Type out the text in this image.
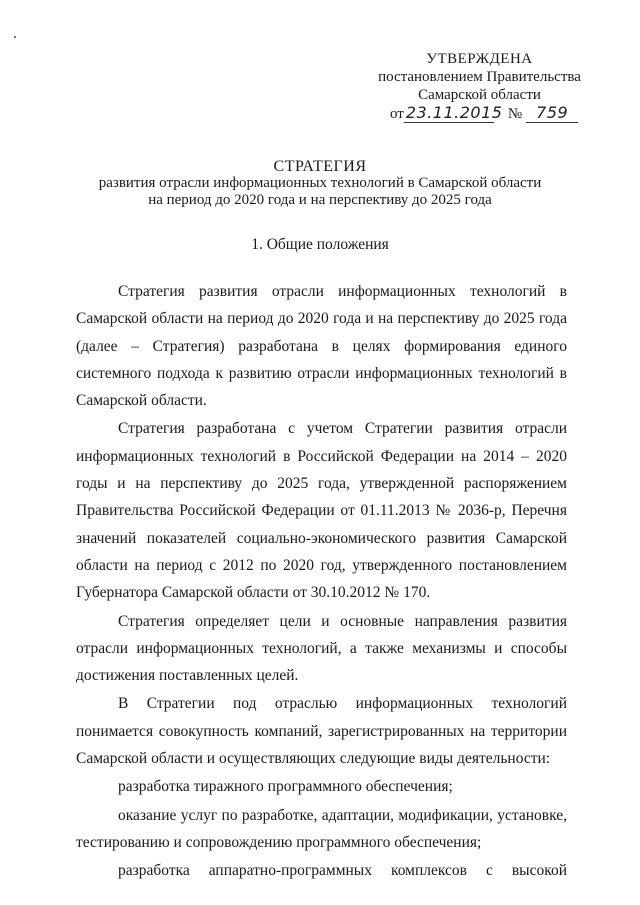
УТВЕРЖДЕНА
постановлением Правительства
Самарской области
от 23.11.2015 № 759
СТРАТЕГИЯ
развития отрасли информационных технологий в Самарской области
на период до 2020 года и на перспективу до 2025 года
1. Общие положения

Стратегия развития отрасли информационных технологий в Самарской области на период до 2020 года и на перспективу до 2025 года (далее – Стратегия) разработана в целях формирования единого системного подхода к развитию отрасли информационных технологий в Самарской области.

Стратегия разработана с учетом Стратегии развития отрасли информационных технологий в Российской Федерации на 2014 – 2020 годы и на перспективу до 2025 года, утвержденной распоряжением Правительства Российской Федерации от 01.11.2013 № 2036-р, Перечня значений показателей социально-экономического развития Самарской области на период с 2012 по 2020 год, утвержденного постановлением Губернатора Самарской области от 30.10.2012 № 170.

Стратегия определяет цели и основные направления развития отрасли информационных технологий, а также механизмы и способы достижения поставленных целей.

В Стратегии под отраслью информационных технологий понимается совокупность компаний, зарегистрированных на территории Самарской области и осуществляющих следующие виды деятельности:

разработка тиражного программного обеспечения;

оказание услуг по разработке, адаптации, модификации, установке, тестированию и сопровождению программного обеспечения;

разработка аппаратно-программных комплексов с высокой
